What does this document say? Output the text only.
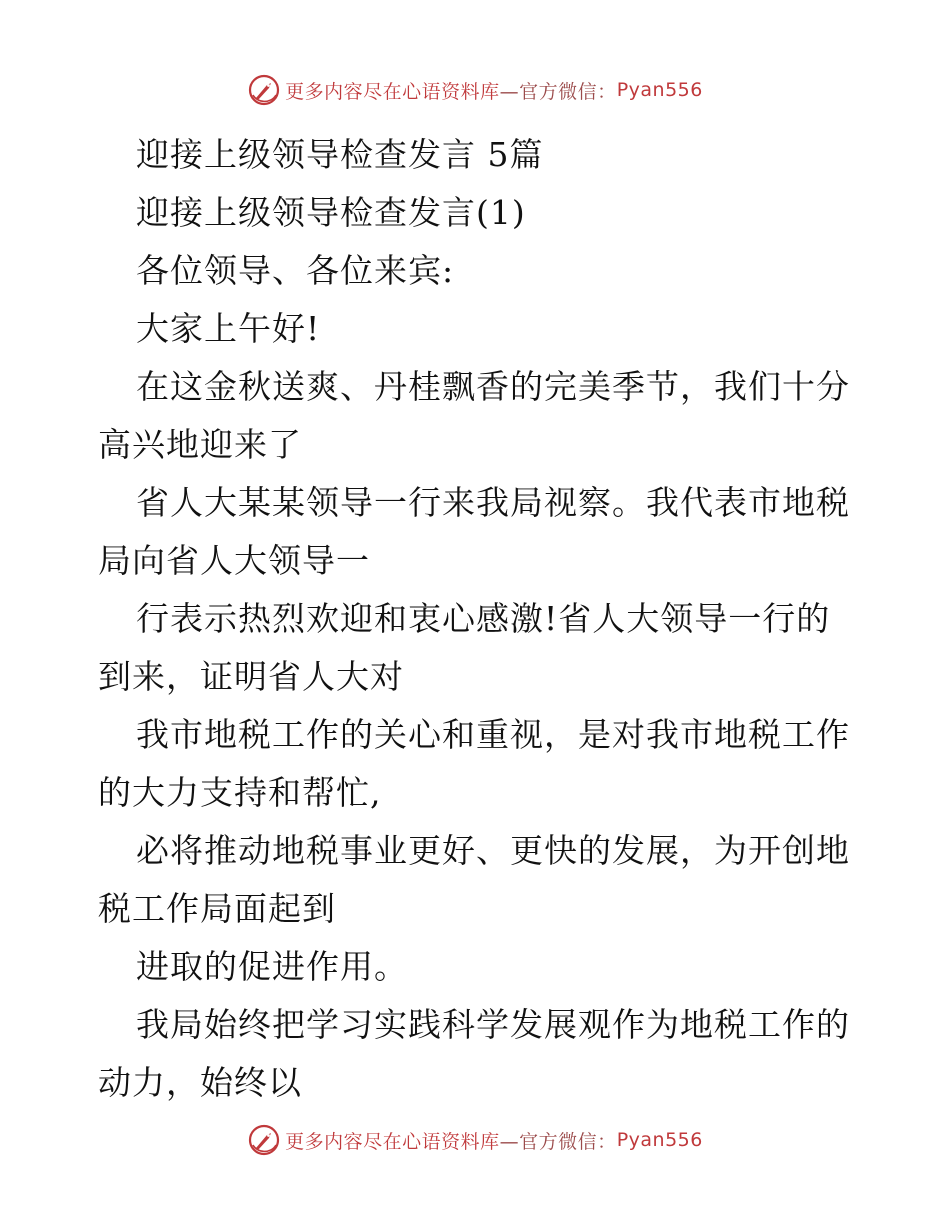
更多内容尽在心语资料库 —官方微信： Pyan556
迎接上级领导检查发言 5篇
迎接上级领导检查发言(1)
各位领导、各位来宾:
大家上午好!
在这金秋送爽、丹桂飘香的完美季节，我们十分
高兴地迎来了
省人大某某领导一行来我局视察。我代表市地税
局向省人大领导一
行表示热烈欢迎和衷心感激!省人大领导一行的
到来，证明省人大对
我市地税工作的关心和重视，是对我市地税工作
的大力支持和帮忙,
必将推动地税事业更好、更快的发展，为开创地
税工作局面起到
进取的促进作用。
我局始终把学习实践科学发展观作为地税工作的
动力，始终以
更多内容尽在心语资料库 —官方微信： Pyan556
